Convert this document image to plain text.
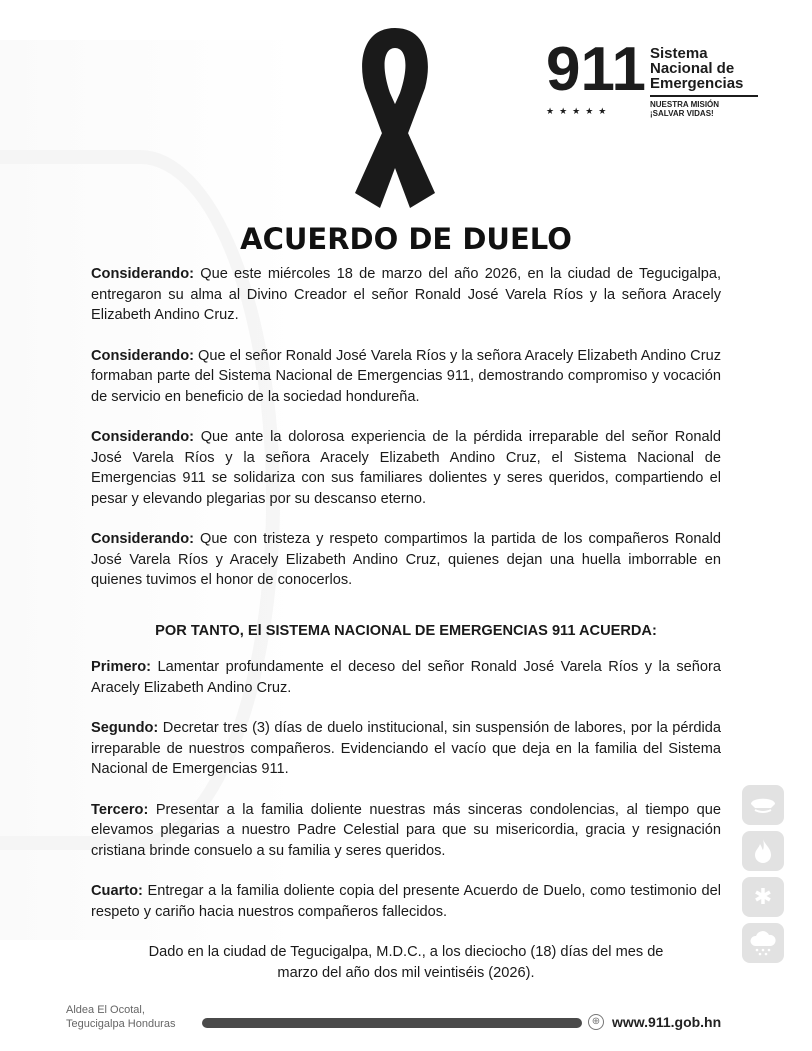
911
★★★★★
Sistema
Nacional de
Emergencias
NUESTRA MISIÓN
¡SALVAR VIDAS!
ACUERDO DE DUELO
Considerando: Que este miércoles 18 de marzo del año 2026, en la ciudad de Tegucigalpa, entregaron su alma al Divino Creador el señor Ronald José Varela Ríos y la señora Aracely Elizabeth Andino Cruz.
Considerando: Que el señor Ronald José Varela Ríos y la señora Aracely Elizabeth Andino Cruz formaban parte del Sistema Nacional de Emergencias 911, demostrando compromiso y vocación de servicio en beneficio de la sociedad hondureña.
Considerando: Que ante la dolorosa experiencia de la pérdida irreparable del señor Ronald José Varela Ríos y la señora Aracely Elizabeth Andino Cruz, el Sistema Nacional de Emergencias 911 se solidariza con sus familiares dolientes y seres queridos, compartiendo el pesar y elevando plegarias por su descanso eterno.
Considerando: Que con tristeza y respeto compartimos la partida de los compañeros Ronald José Varela Ríos y Aracely Elizabeth Andino Cruz, quienes dejan una huella imborrable en quienes tuvimos el honor de conocerlos.
POR TANTO, El SISTEMA NACIONAL DE EMERGENCIAS 911 ACUERDA:
Primero: Lamentar profundamente el deceso del señor Ronald José Varela Ríos y la señora Aracely Elizabeth Andino Cruz.
Segundo: Decretar tres (3) días de duelo institucional, sin suspensión de labores, por la pérdida irreparable de nuestros compañeros. Evidenciando el vacío que deja en la familia del Sistema Nacional de Emergencias 911.
Tercero: Presentar a la familia doliente nuestras más sinceras condolencias, al tiempo que elevamos plegarias a nuestro Padre Celestial para que su misericordia, gracia y resignación cristiana brinde consuelo a su familia y seres queridos.
Cuarto: Entregar a la familia doliente copia del presente Acuerdo de Duelo, como testimonio del respeto y cariño hacia nuestros compañeros fallecidos.
Dado en la ciudad de Tegucigalpa, M.D.C., a los dieciocho (18) días del mes de
marzo del año dos mil veintiséis (2026).
✱
Aldea El Ocotal,
Tegucigalpa Honduras	⊕ www.911.gob.hn
